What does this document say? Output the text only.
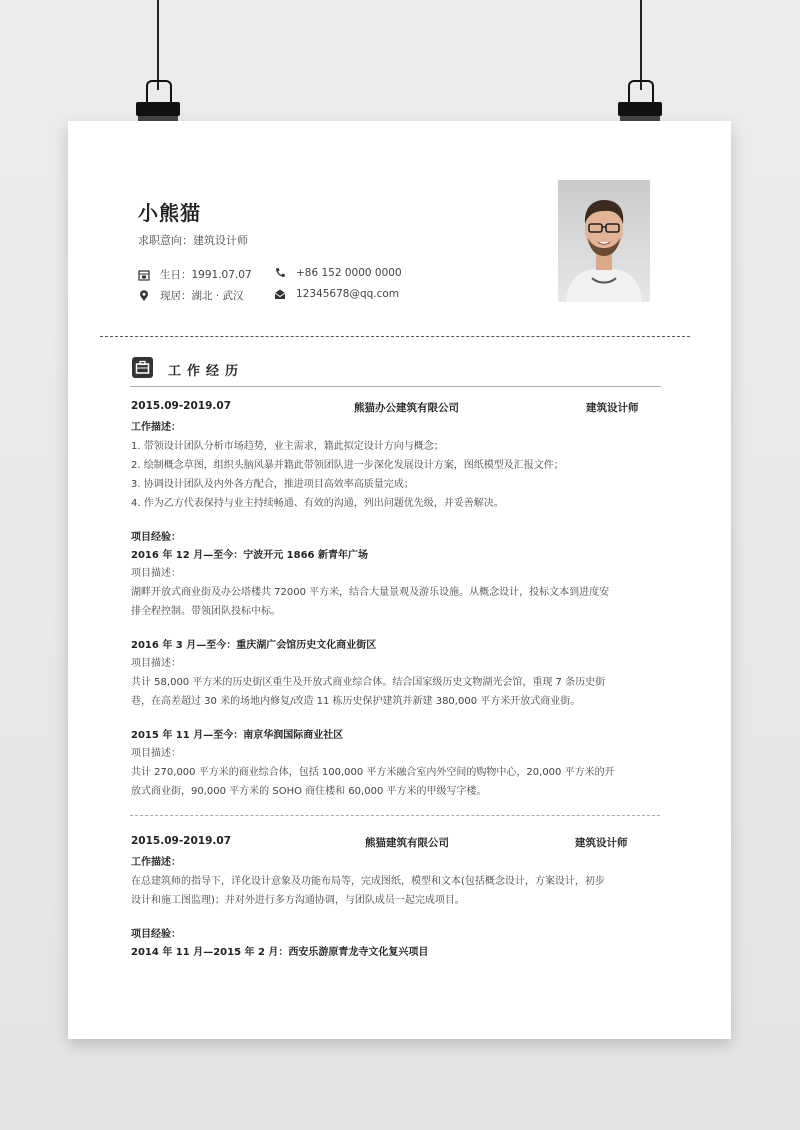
小熊猫
求职意向：建筑设计师
生日：1991.07.07	+86 152 0000 0000
现居：湖北 · 武汉	12345678@qq.com
工作经历
2015.09-2019.07	熊猫办公建筑有限公司	建筑设计师
工作描述：
1. 带领设计团队分析市场趋势，业主需求，籍此拟定设计方向与概念；
2. 绘制概念草图，组织头脑风暴并籍此带领团队进一步深化发展设计方案，图纸模型及汇报文件；
3. 协调设计团队及内外各方配合，推进项目高效率高质量完成；
4. 作为乙方代表保持与业主持续畅通、有效的沟通，列出问题优先级，并妥善解决。
项目经验：
2016 年 12 月—至今：宁波开元 1866 新青年广场
项目描述：
湖畔开放式商业街及办公塔楼共 72000 平方米，结合大量景观及游乐设施。从概念设计，投标文本到进度安
排全程控制。带领团队投标中标。
2016 年 3 月—至今：重庆湖广会馆历史文化商业街区
项目描述：
共计 58,000 平方米的历史街区重生及开放式商业综合体。结合国家级历史文物湖光会馆，重现 7 条历史街
巷，在高差超过 30 米的场地内修复/改造 11 栋历史保护建筑并新建 380,000 平方米开放式商业街。
2015 年 11 月—至今：南京华润国际商业社区
项目描述：
共计 270,000 平方米的商业综合体，包括 100,000 平方米融合室内外空间的购物中心，20,000 平方米的开
放式商业街，90,000 平方米的 SOHO 商住楼和 60,000 平方米的甲级写字楼。
2015.09-2019.07	熊猫建筑有限公司	建筑设计师
工作描述：
在总建筑师的指导下，详化设计意象及功能布局等，完成图纸，模型和文本(包括概念设计，方案设计，初步
设计和施工图监理)；并对外进行多方沟通协调，与团队成员一起完成项目。
项目经验：
2014 年 11 月—2015 年 2 月：西安乐游原青龙寺文化复兴项目
